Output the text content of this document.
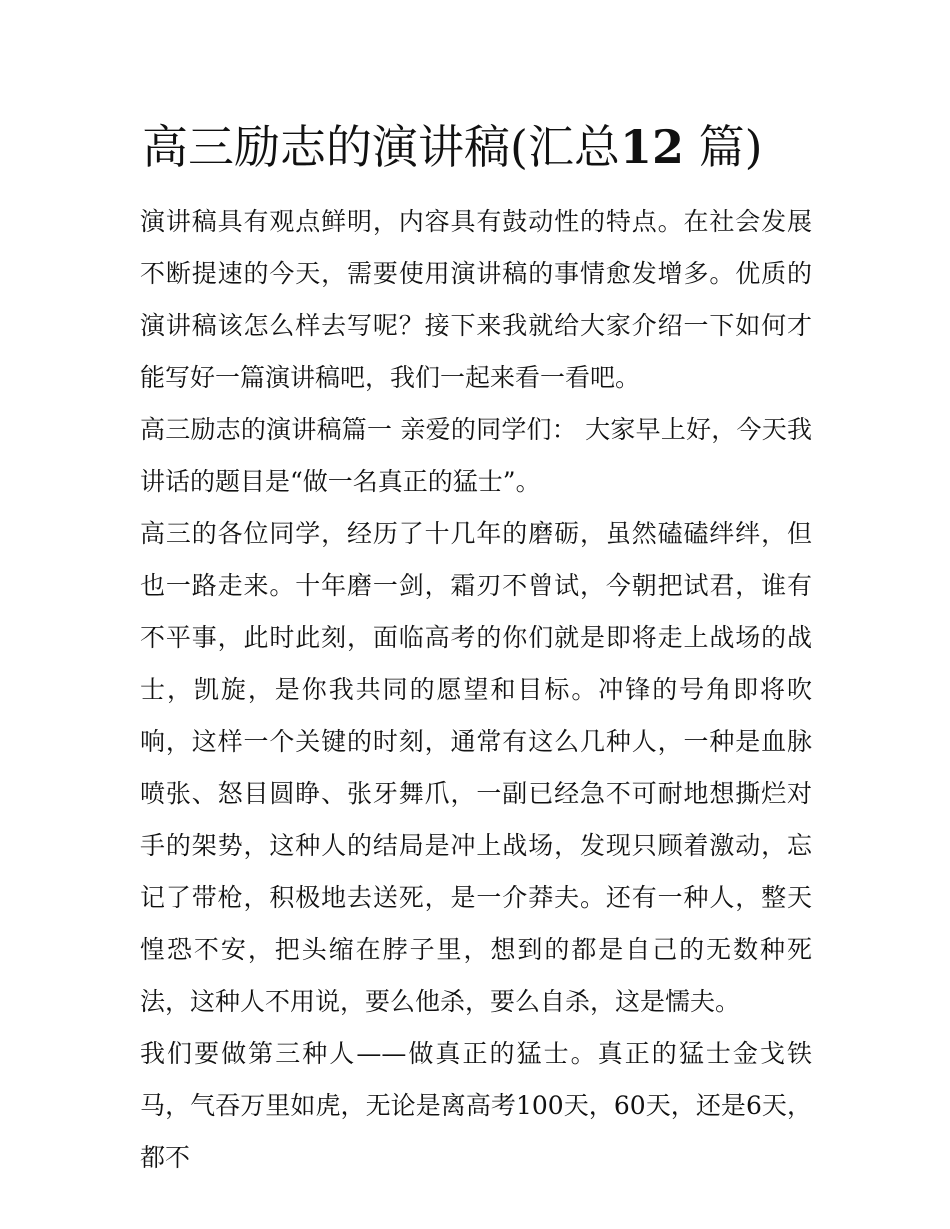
高三励志的演讲稿(汇总12 篇)

演讲稿具有观点鲜明，内容具有鼓动性的特点。在社会发展不断提速的今天，需要使用演讲稿的事情愈发增多。优质的演讲稿该怎么样去写呢？接下来我就给大家介绍一下如何才能写好一篇演讲稿吧，我们一起来看一看吧。

高三励志的演讲稿篇一 亲爱的同学们： 大家早上好，今天我讲话的题目是“做一名真正的猛士”。

高三的各位同学，经历了十几年的磨砺，虽然磕磕绊绊，但也一路走来。十年磨一剑，霜刃不曾试，今朝把试君，谁有不平事，此时此刻，面临高考的你们就是即将走上战场的战士，凯旋，是你我共同的愿望和目标。冲锋的号角即将吹响，这样一个关键的时刻，通常有这么几种人，一种是血脉喷张、怒目圆睁、张牙舞爪，一副已经急不可耐地想撕烂对手的架势，这种人的结局是冲上战场，发现只顾着激动，忘记了带枪，积极地去送死，是一介莽夫。还有一种人，整天惶恐不安，把头缩在脖子里，想到的都是自己的无数种死法，这种人不用说，要么他杀，要么自杀，这是懦夫。

我们要做第三种人——做真正的猛士。真正的猛士金戈铁马，气吞万里如虎，无论是离高考100天，60天，还是6天，都不
